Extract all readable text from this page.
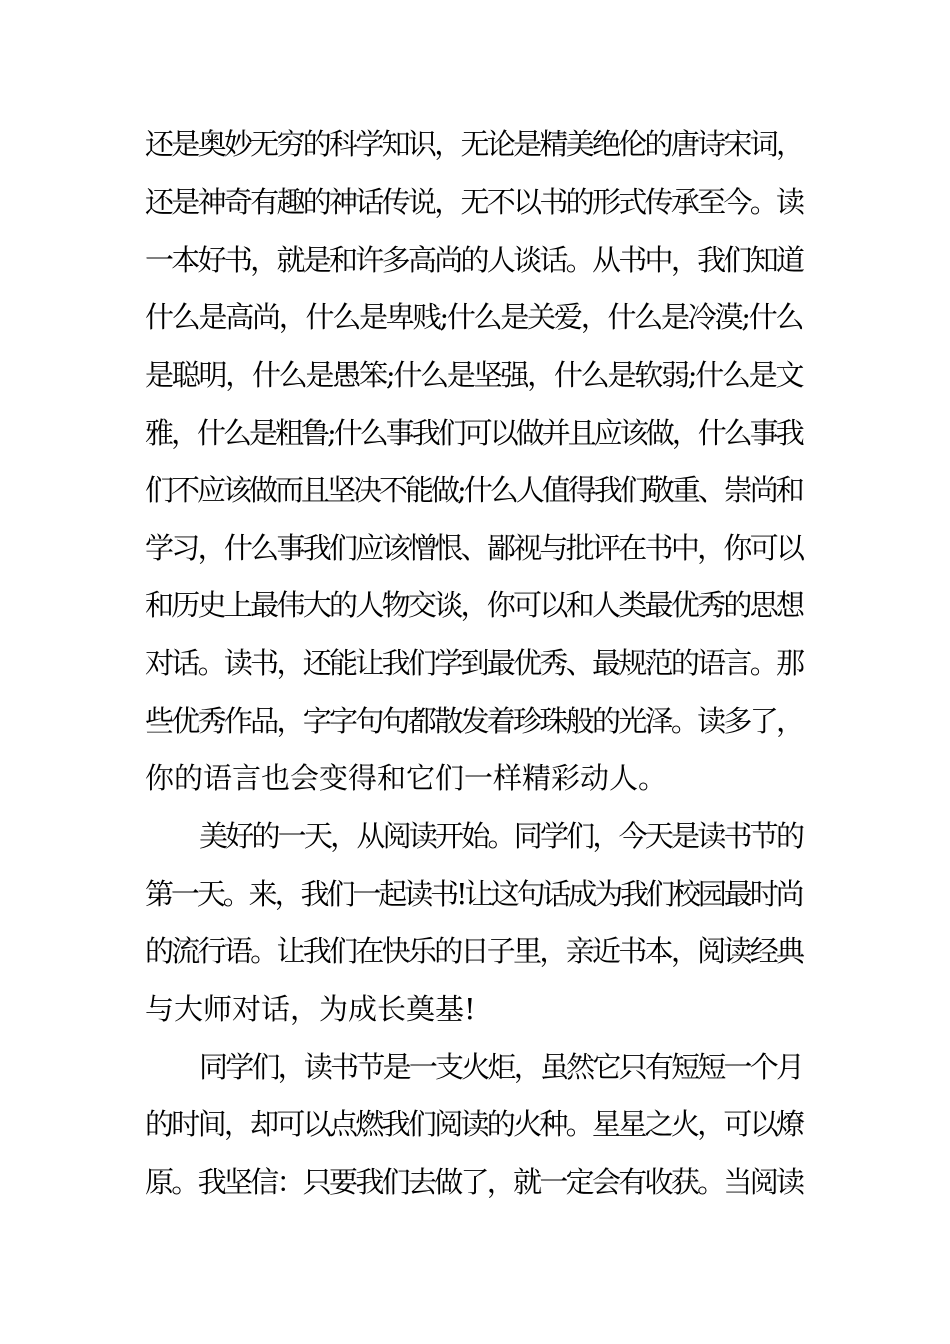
还是奥妙无穷的科学知识，无论是精美绝伦的唐诗宋词，
还是神奇有趣的神话传说，无不以书的形式传承至今。读
一本好书，就是和许多高尚的人谈话。从书中，我们知道
什么是高尚，什么是卑贱;什么是关爱，什么是冷漠;什么
是聪明，什么是愚笨;什么是坚强，什么是软弱;什么是文
雅，什么是粗鲁;什么事我们可以做并且应该做，什么事我
们不应该做而且坚决不能做;什么人值得我们敬重、崇尚和
学习，什么事我们应该憎恨、鄙视与批评在书中，你可以
和历史上最伟大的人物交谈，你可以和人类最优秀的思想
对话。读书，还能让我们学到最优秀、最规范的语言。那
些优秀作品，字字句句都散发着珍珠般的光泽。读多了，
你的语言也会变得和它们一样精彩动人。
美好的一天，从阅读开始。同学们，今天是读书节的
第一天。来，我们一起读书!让这句话成为我们校园最时尚
的流行语。让我们在快乐的日子里，亲近书本，阅读经典
与大师对话，为成长奠基!
同学们，读书节是一支火炬，虽然它只有短短一个月
的时间，却可以点燃我们阅读的火种。星星之火，可以燎
原。我坚信：只要我们去做了，就一定会有收获。当阅读
